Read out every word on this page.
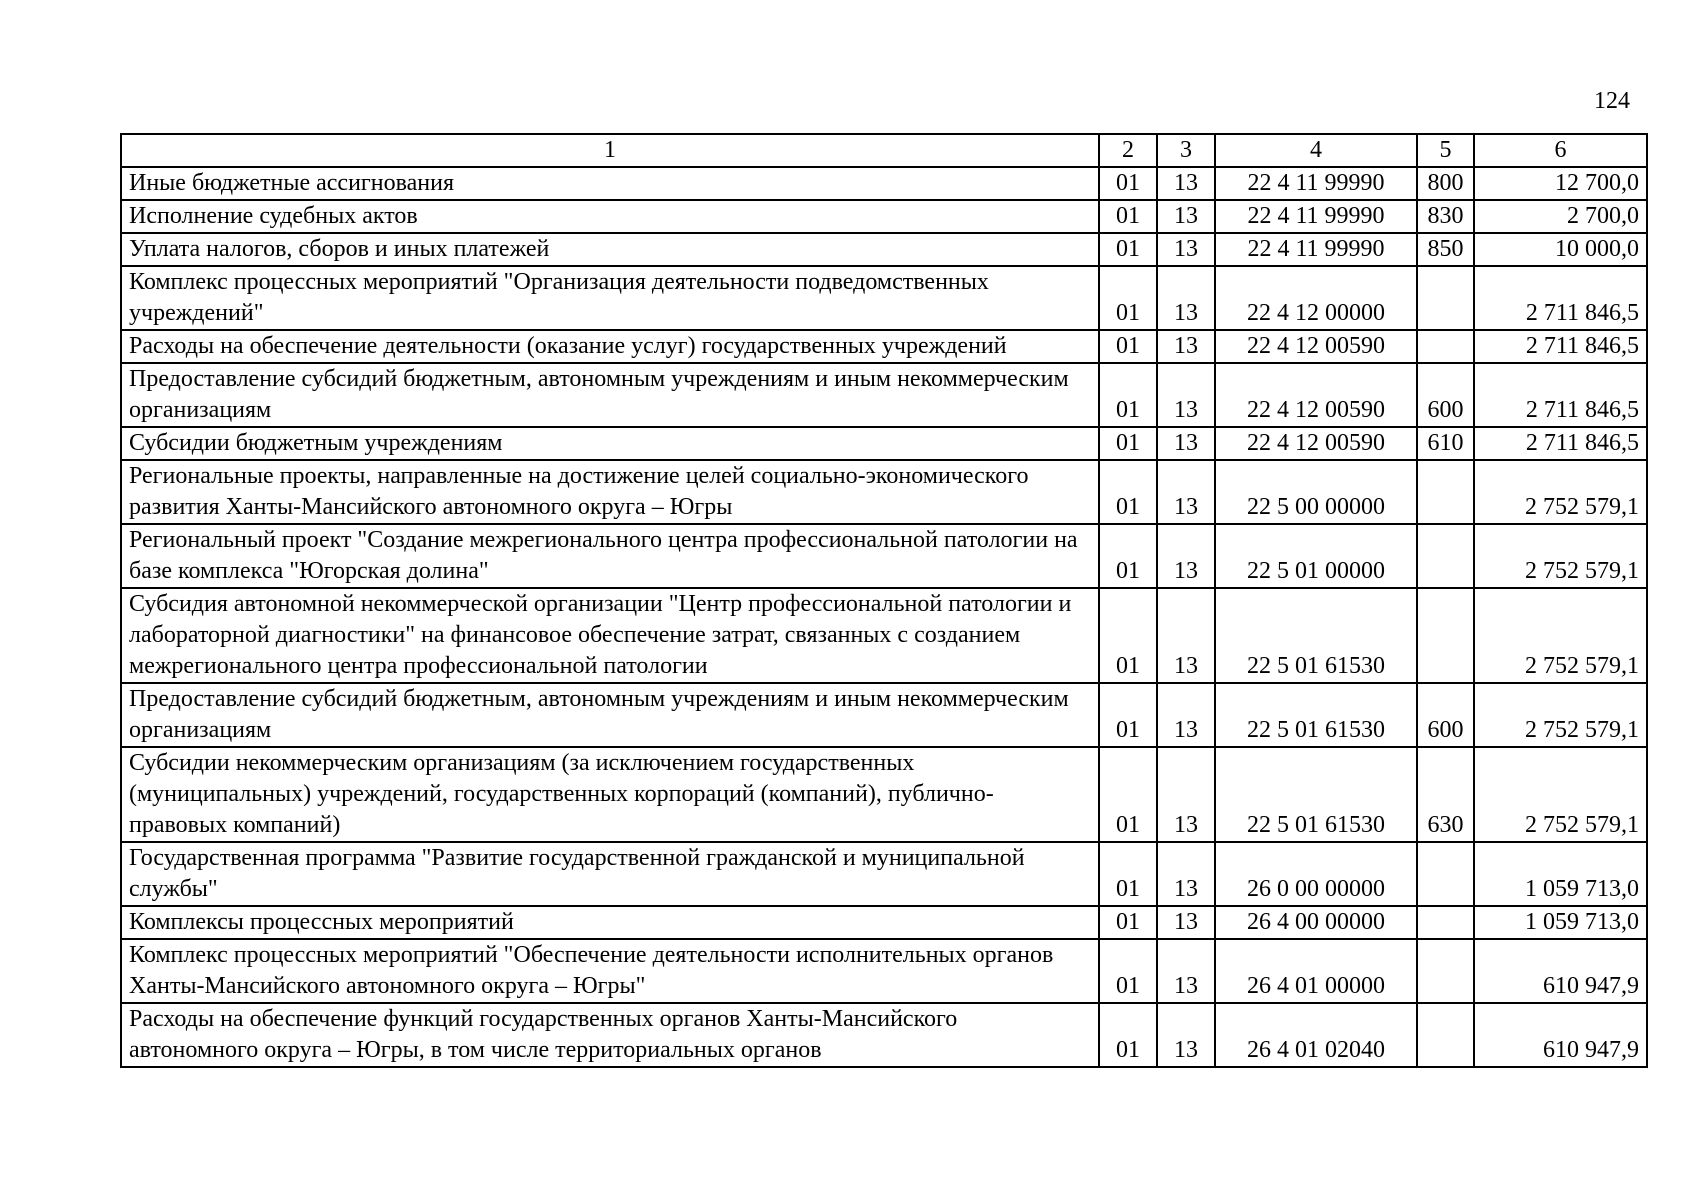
124
1	2	3	4	5	6
Иные бюджетные ассигнования	01	13	22 4 11 99990	800	12 700,0
Исполнение судебных актов	01	13	22 4 11 99990	830	2 700,0
Уплата налогов, сборов и иных платежей	01	13	22 4 11 99990	850	10 000,0
Комплекс процессных мероприятий "Организация деятельности подведомственных учреждений"	01	13	22 4 12 00000		2 711 846,5
Расходы на обеспечение деятельности (оказание услуг) государственных учреждений	01	13	22 4 12 00590		2 711 846,5
Предоставление субсидий бюджетным, автономным учреждениям и иным некоммерческим организациям	01	13	22 4 12 00590	600	2 711 846,5
Субсидии бюджетным учреждениям	01	13	22 4 12 00590	610	2 711 846,5
Региональные проекты, направленные на достижение целей социально-экономического развития Ханты-Мансийского автономного округа – Югры	01	13	22 5 00 00000		2 752 579,1
Региональный проект "Создание межрегионального центра профессиональной патологии на базе комплекса "Югорская долина"	01	13	22 5 01 00000		2 752 579,1
Субсидия автономной некоммерческой организации "Центр профессиональной патологии и лабораторной диагностики" на финансовое обеспечение затрат, связанных с созданием межрегионального центра профессиональной патологии	01	13	22 5 01 61530		2 752 579,1
Предоставление субсидий бюджетным, автономным учреждениям и иным некоммерческим организациям	01	13	22 5 01 61530	600	2 752 579,1
Субсидии некоммерческим организациям (за исключением государственных (муниципальных) учреждений, государственных корпораций (компаний), публично-правовых компаний)	01	13	22 5 01 61530	630	2 752 579,1
Государственная программа "Развитие государственной гражданской и муниципальной службы"	01	13	26 0 00 00000		1 059 713,0
Комплексы процессных мероприятий	01	13	26 4 00 00000		1 059 713,0
Комплекс процессных мероприятий "Обеспечение деятельности исполнительных органов Ханты-Мансийского автономного округа – Югры"	01	13	26 4 01 00000		610 947,9
Расходы на обеспечение функций государственных органов Ханты-Мансийского автономного округа – Югры, в том числе территориальных органов	01	13	26 4 01 02040		610 947,9
